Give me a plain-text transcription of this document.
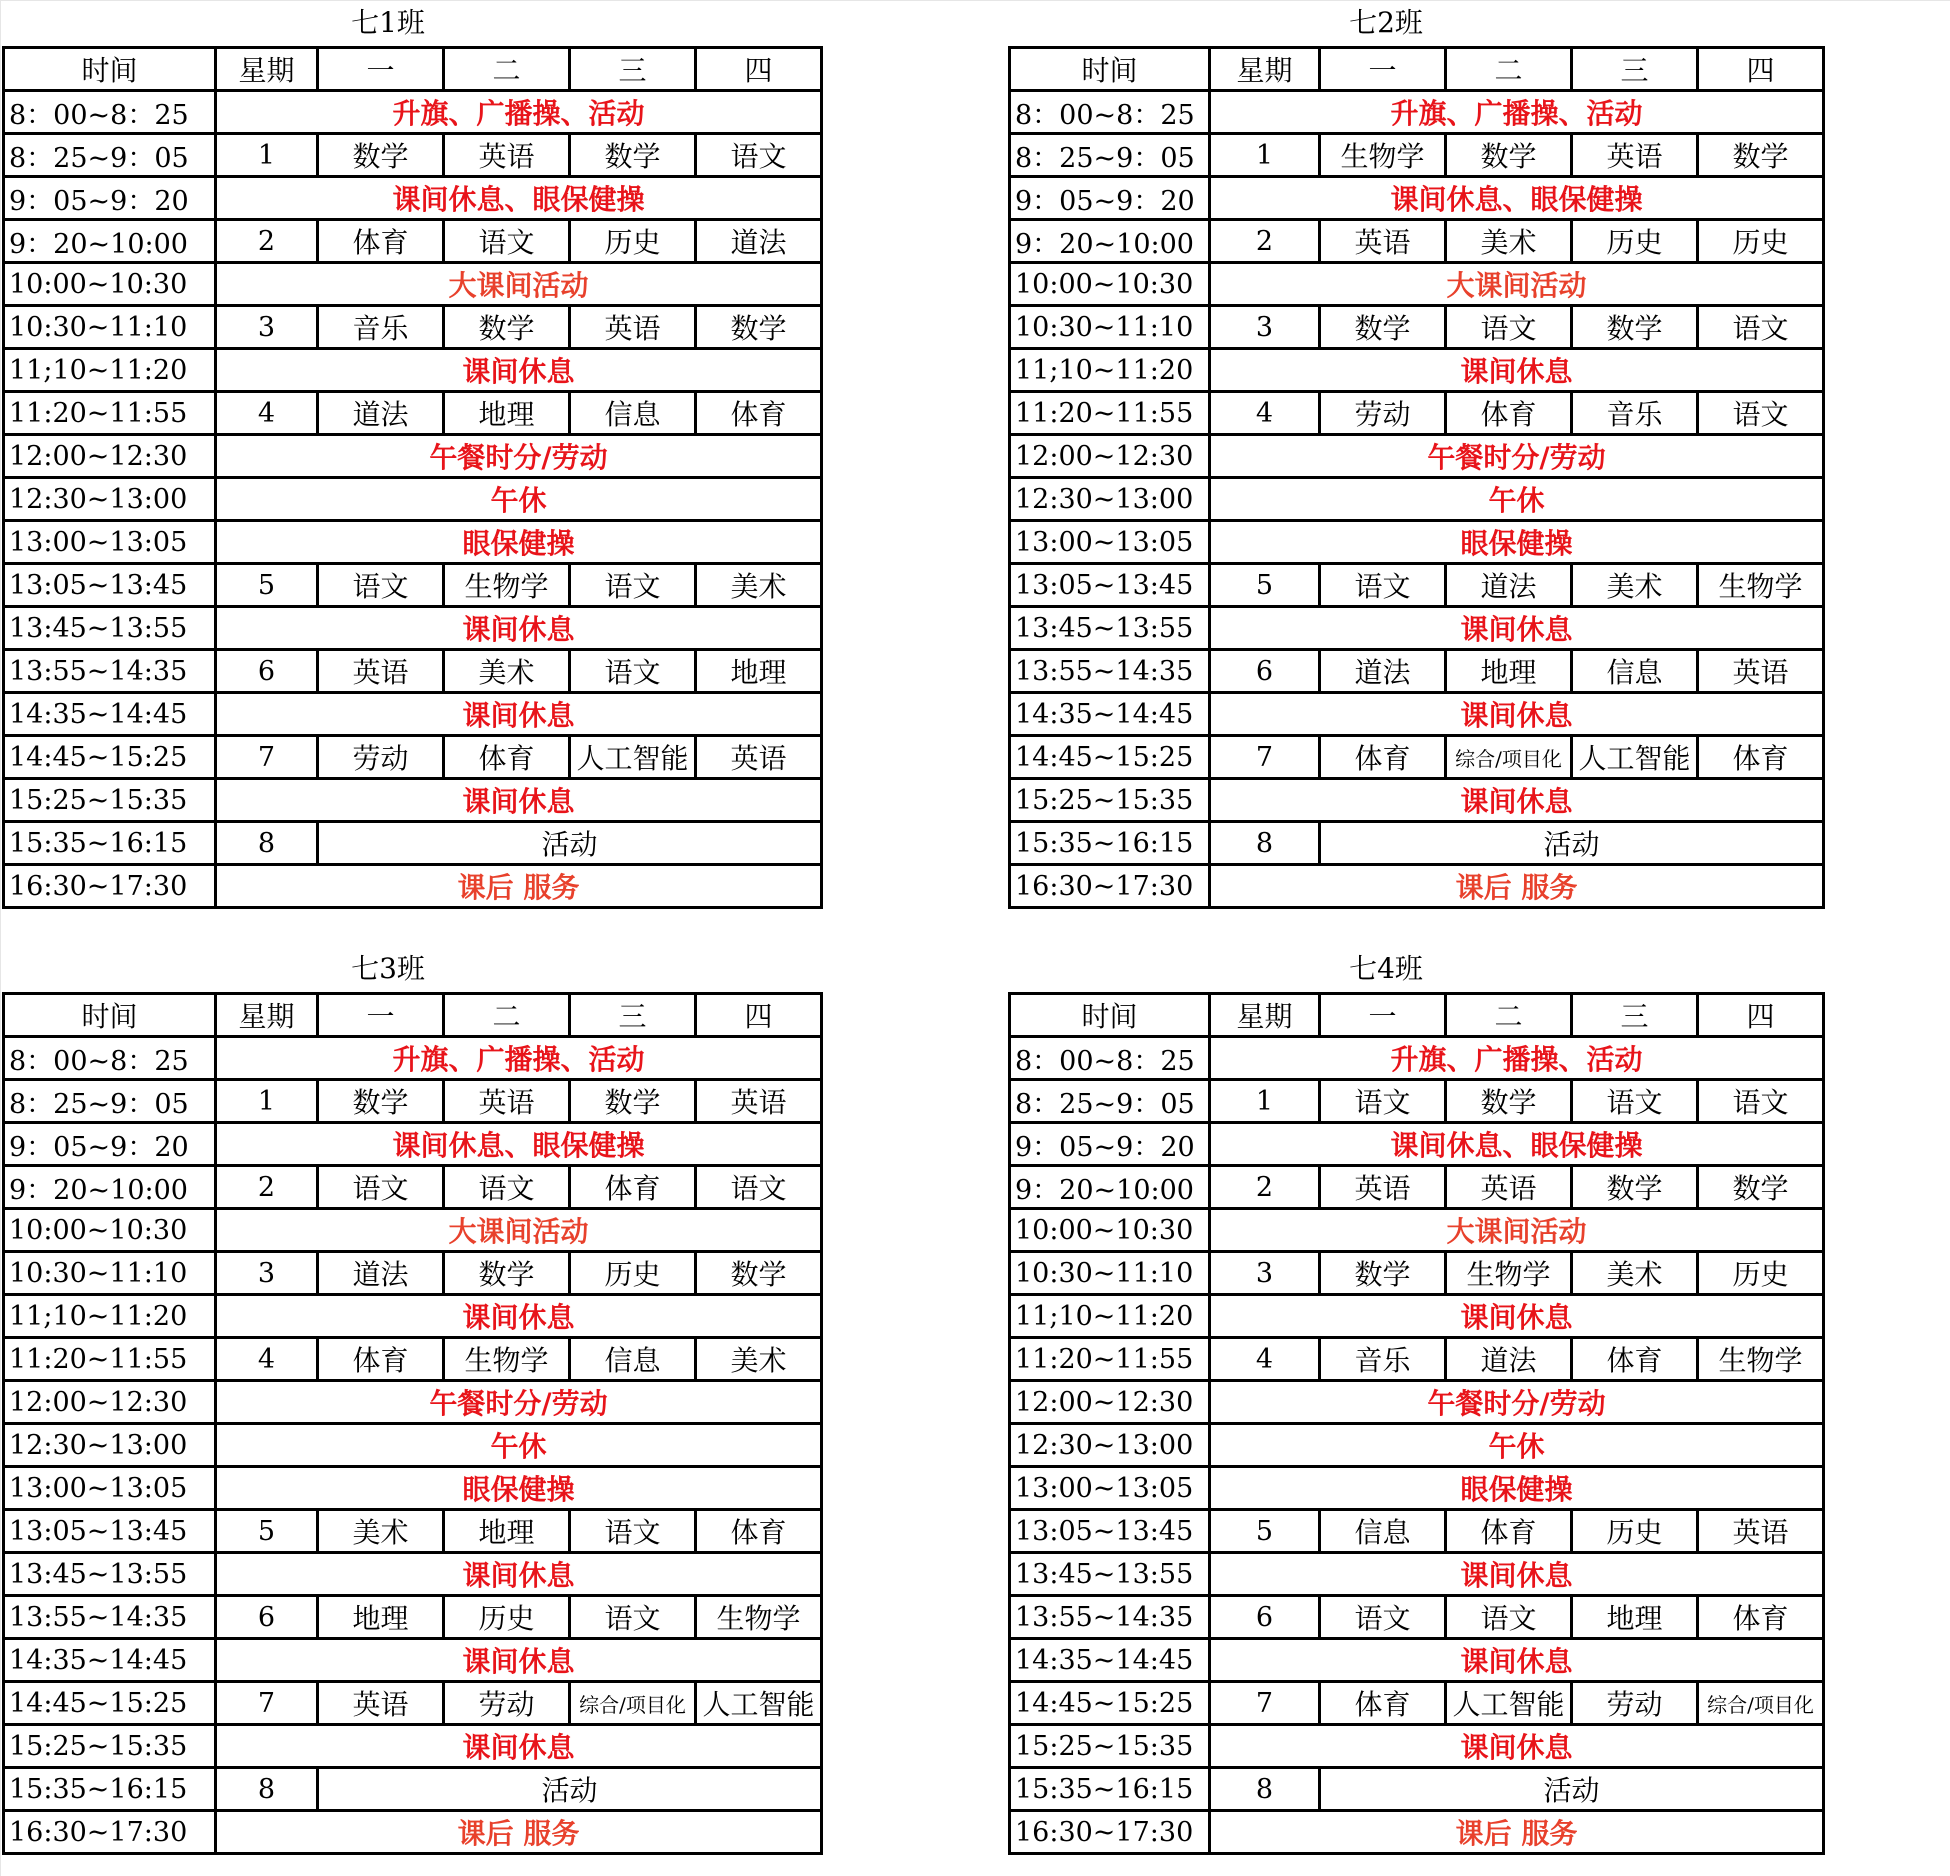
七1班
时间	星期	一	二	三	四	
8：00~8：25	升旗、广播操、活动					
8：25~9：05	1	数学	英语	数学	语文	
9：05~9：20	课间休息、眼保健操					
9：20~10:00	2	体育	语文	历史	道法	
10:00~10:30	大课间活动					
10:30~11:10	3	音乐	数学	英语	数学	
11;10~11:20	课间休息					
11:20~11:55	4	道法	地理	信息	体育	
12:00~12:30	午餐时分/劳动					
12:30~13:00	午休					
13:00~13:05	眼保健操					
13:05~13:45	5	语文	生物学	语文	美术	
13:45~13:55	课间休息					
13:55~14:35	6	英语	美术	语文	地理	
14:35~14:45	课间休息					
14:45~15:25	7	劳动	体育	人工智能	英语	
15:25~15:35	课间休息					
15:35~16:15	8	活动	
16:30~17:30	课后 服务					
七2班
时间	星期	一	二	三	四	
8：00~8：25	升旗、广播操、活动					
8：25~9：05	1	生物学	数学	英语	数学	
9：05~9：20	课间休息、眼保健操					
9：20~10:00	2	英语	美术	历史	历史	
10:00~10:30	大课间活动					
10:30~11:10	3	数学	语文	数学	语文	
11;10~11:20	课间休息					
11:20~11:55	4	劳动	体育	音乐	语文	
12:00~12:30	午餐时分/劳动					
12:30~13:00	午休					
13:00~13:05	眼保健操					
13:05~13:45	5	语文	道法	美术	生物学	
13:45~13:55	课间休息					
13:55~14:35	6	道法	地理	信息	英语	
14:35~14:45	课间休息					
14:45~15:25	7	体育	综合/项目化	人工智能	体育	
15:25~15:35	课间休息					
15:35~16:15	8	活动	
16:30~17:30	课后 服务					
七3班
时间	星期	一	二	三	四	
8：00~8：25	升旗、广播操、活动					
8：25~9：05	1	数学	英语	数学	英语	
9：05~9：20	课间休息、眼保健操					
9：20~10:00	2	语文	语文	体育	语文	
10:00~10:30	大课间活动					
10:30~11:10	3	道法	数学	历史	数学	
11;10~11:20	课间休息					
11:20~11:55	4	体育	生物学	信息	美术	
12:00~12:30	午餐时分/劳动					
12:30~13:00	午休					
13:00~13:05	眼保健操					
13:05~13:45	5	美术	地理	语文	体育	
13:45~13:55	课间休息					
13:55~14:35	6	地理	历史	语文	生物学	
14:35~14:45	课间休息					
14:45~15:25	7	英语	劳动	综合/项目化	人工智能	
15:25~15:35	课间休息					
15:35~16:15	8	活动	
16:30~17:30	课后 服务					
七4班
时间	星期	一	二	三	四	
8：00~8：25	升旗、广播操、活动					
8：25~9：05	1	语文	数学	语文	语文	
9：05~9：20	课间休息、眼保健操					
9：20~10:00	2	英语	英语	数学	数学	
10:00~10:30	大课间活动					
10:30~11:10	3	数学	生物学	美术	历史	
11;10~11:20	课间休息					
11:20~11:55	4	音乐	道法	体育	生物学	
12:00~12:30	午餐时分/劳动					
12:30~13:00	午休					
13:00~13:05	眼保健操					
13:05~13:45	5	信息	体育	历史	英语	
13:45~13:55	课间休息					
13:55~14:35	6	语文	语文	地理	体育	
14:35~14:45	课间休息					
14:45~15:25	7	体育	人工智能	劳动	综合/项目化	
15:25~15:35	课间休息					
15:35~16:15	8	活动	
16:30~17:30	课后 服务					
